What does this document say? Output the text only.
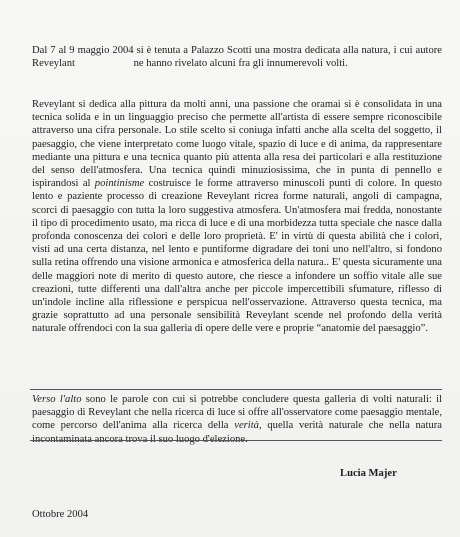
Dal 7 al 9 maggio 2004 si è tenuta a Palazzo Scotti una mostra dedicata alla natura, i cui autore Reveylant	ne hanno rivelato alcuni fra gli innumerevoli volti.

Reveylant si dedica alla pittura da molti anni, una passione che oramai si è consolidata in una tecnica solida e in un linguaggio preciso che permette all'artista di essere sempre riconoscibile attraverso una cifra personale. Lo stile scelto si coniuga infatti anche alla scelta del soggetto, il paesaggio, che viene interpretato come luogo vitale, spazio di luce e di anima, da rappresentare mediante una pittura e una tecnica quanto più attenta alla resa dei particolari e alla restituzione del senso dell'atmosfera. Una tecnica quindi minuziosissima, che in punta di pennello e ispirandosi al pointinisme costruisce le forme attraverso minuscoli punti di colore. In questo lento e paziente processo di creazione Reveylant ricrea forme naturali, angoli di campagna, scorci di paesaggio con tutta la loro suggestiva atmosfera. Un'atmosfera mai fredda, nonostante il tipo di procedimento usato, ma ricca di luce e di una morbidezza tutta speciale che nasce dalla profonda conoscenza dei colori e delle loro proprietà. E' in virtù di questa abilità che i colori, visti ad una certa distanza, nel lento e puntiforme digradare dei toni uno nell'altro, si fondono sulla retina offrendo una visione armonica e atmosferica della natura.. E' questa sicuramente una delle maggiori note di merito di questo autore, che riesce a infondere un soffio vitale alle sue creazioni, tutte differenti una dall'altra anche per piccole impercettibili sfumature, riflesso di un'indole incline alla riflessione e perspicua nell'osservazione. Attraverso questa tecnica, ma grazie soprattutto ad una personale sensibilità Reveylant scende nel profondo della verità naturale offrendoci con la sua galleria di opere delle vere e proprie “anatomie del paesaggio”.

Verso l'alto sono le parole con cui si potrebbe concludere questa galleria di volti naturali: il paesaggio di Reveylant che nella ricerca di luce si offre all'osservatore come paesaggio mentale, come percorso dell'anima alla ricerca della verità, quella verità naturale che nella natura

Lucia Majer

Ottobre 2004
